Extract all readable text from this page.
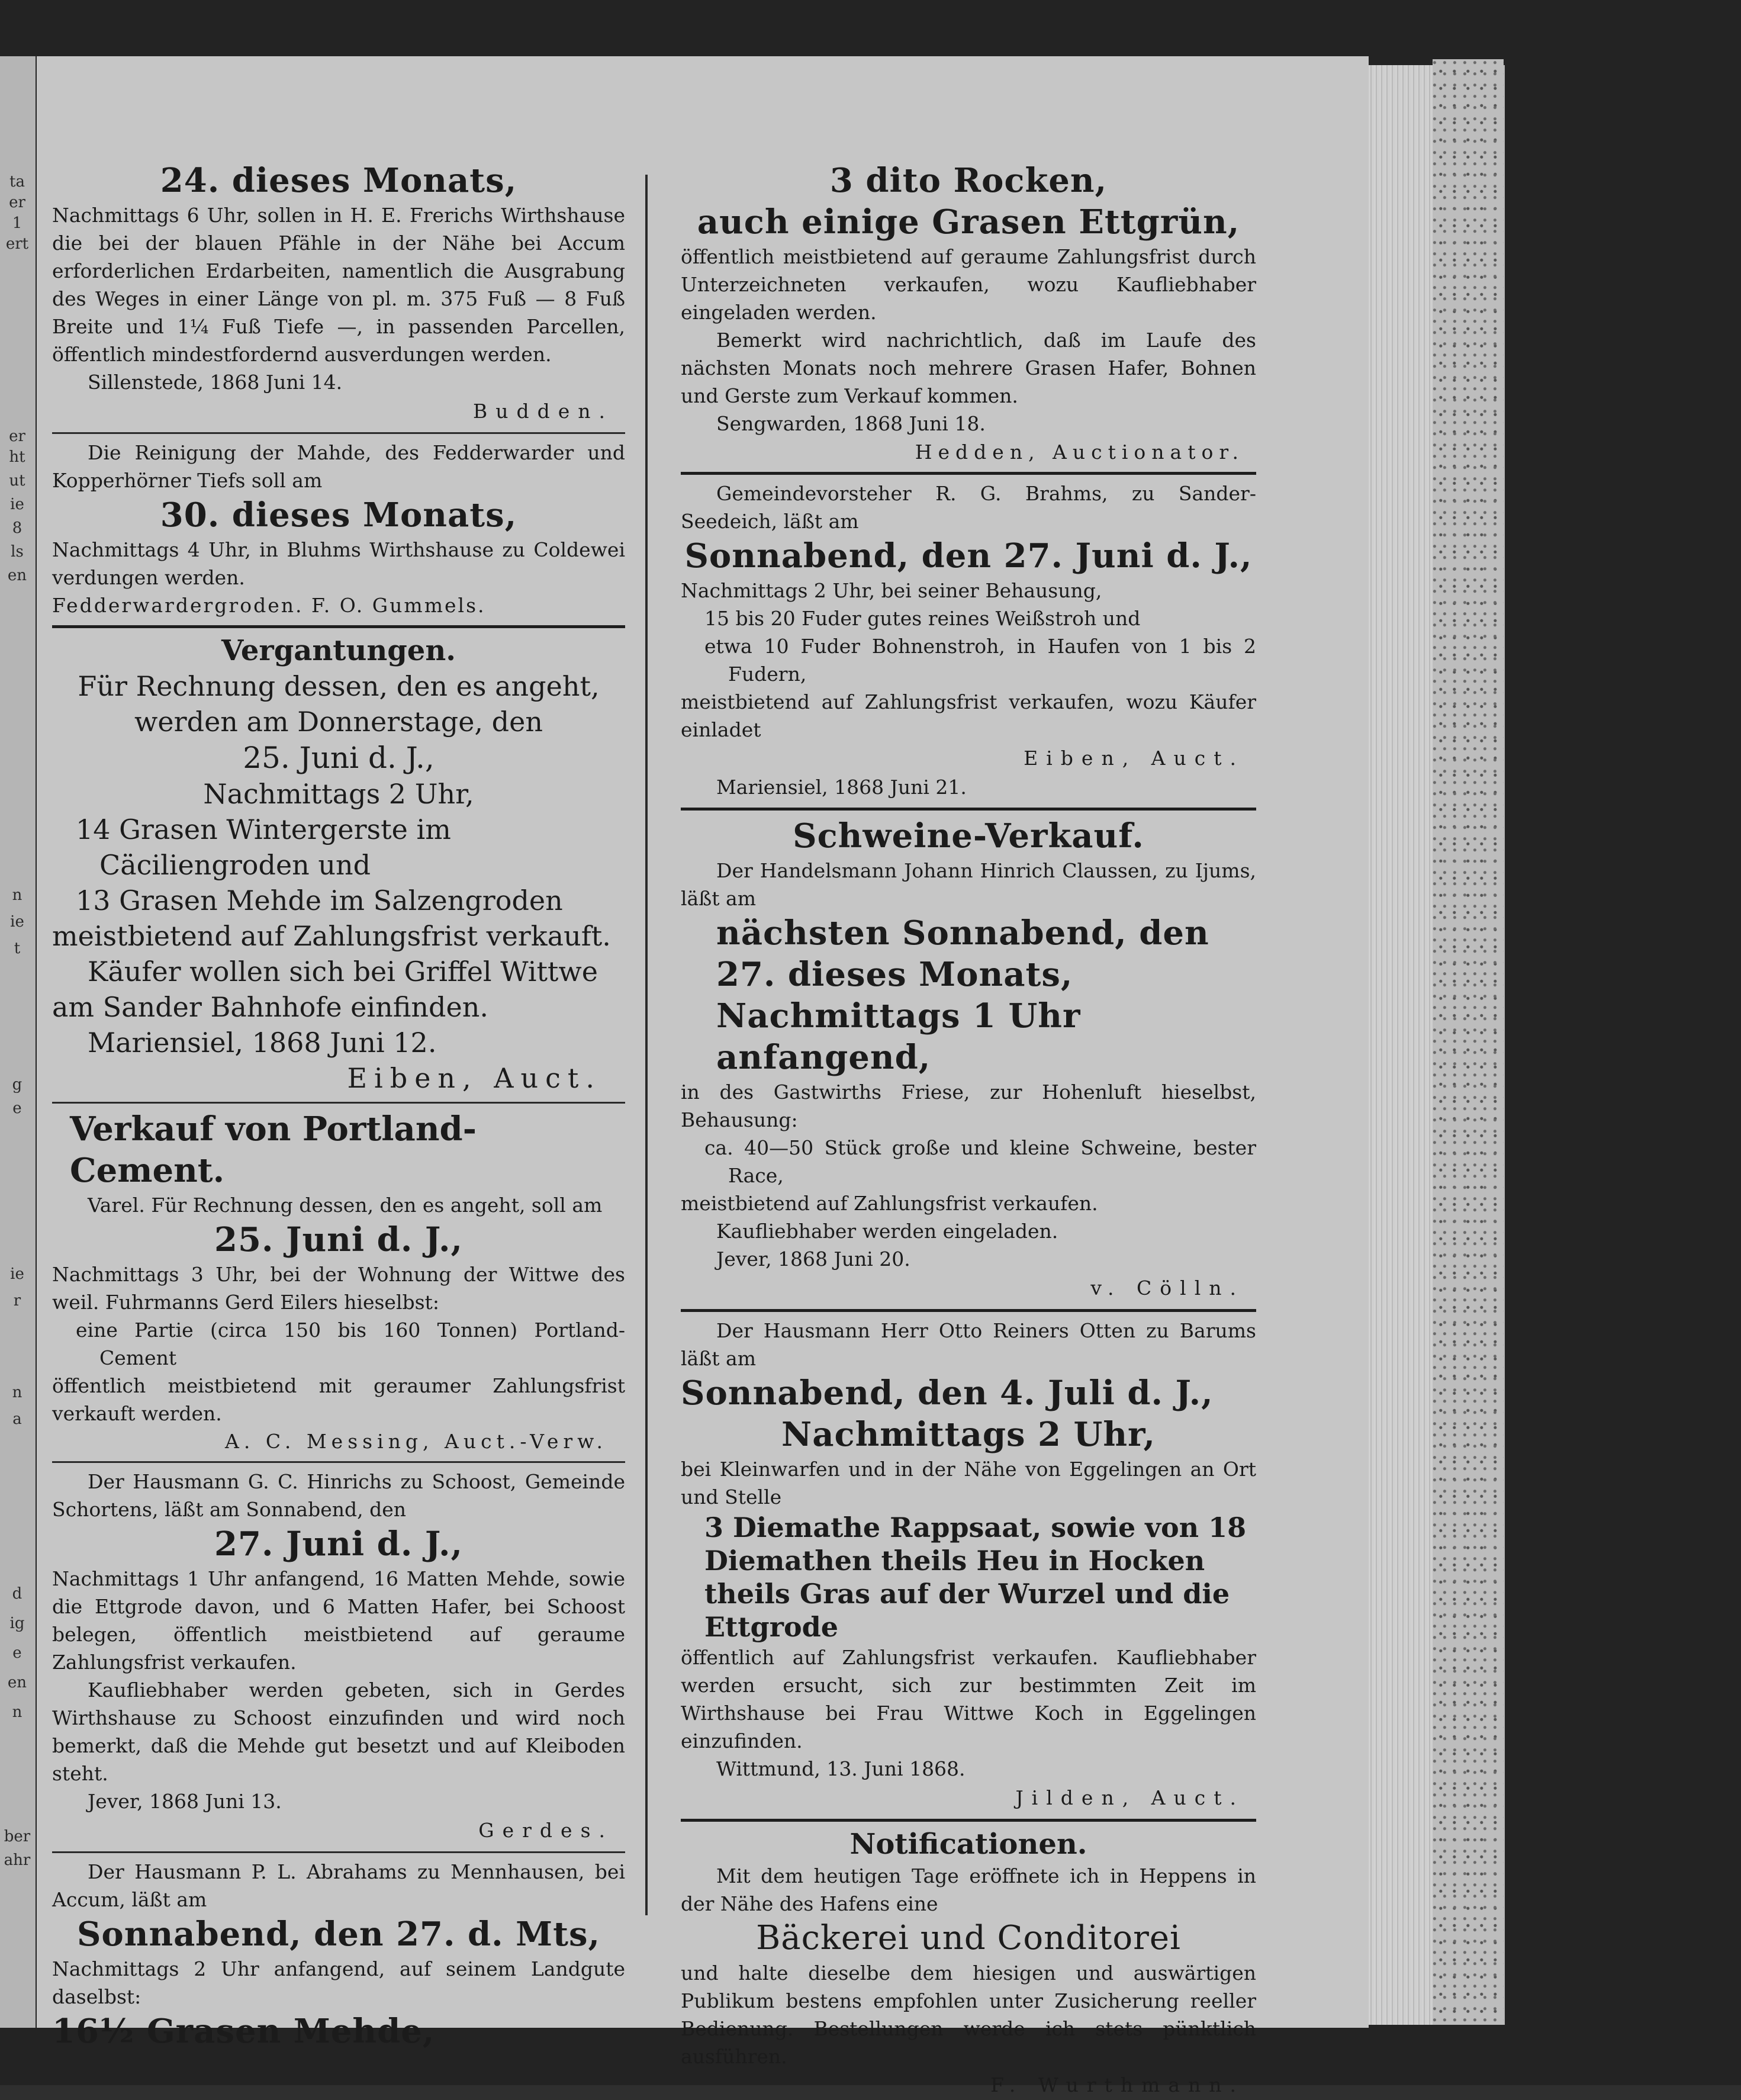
ta
er
1
ert
er
ht
ut
ie
8
ls
en
n
ie
t
g
e
ie
r
n
a
d
ig
e
en
n
ber
ahr
24. dieses Monats,

Nachmittags 6 Uhr, sollen in H. E. Frerichs Wirthshause die bei der blauen Pfähle in der Nähe bei Accum erforderlichen Erdarbeiten, namentlich die Ausgrabung des Weges in einer Länge von pl. m. 375 Fuß — 8 Fuß Breite und 1¼ Fuß Tiefe —, in passenden Parcellen, öffentlich mindestfordernd ausverdungen werden.

Sillenstede, 1868 Juni 14.

Budden.

Die Reinigung der Mahde, des Fedderwarder und Kopperhörner Tiefs soll am

30. dieses Monats,

Nachmittags 4 Uhr, in Bluhms Wirthshause zu Coldewei verdungen werden.

Fedderwardergroden. F. O. Gummels.

Vergantungen.

Für Rechnung dessen, den es angeht, werden am Donnerstage, den

25. Juni d. J.,

Nachmittags 2 Uhr,

14 Grasen Wintergerste im Cäciliengroden und

13 Grasen Mehde im Salzengroden

meistbietend auf Zahlungsfrist verkauft.

Käufer wollen sich bei Griffel Wittwe am Sander Bahnhofe einfinden.

Mariensiel, 1868 Juni 12.

Eiben, Auct.

Verkauf von Portland-Cement.

Varel. Für Rechnung dessen, den es angeht, soll am

25. Juni d. J.,

Nachmittags 3 Uhr, bei der Wohnung der Wittwe des weil. Fuhrmanns Gerd Eilers hieselbst:

eine Partie (circa 150 bis 160 Tonnen) Portland-Cement

öffentlich meistbietend mit geraumer Zahlungsfrist verkauft werden.

A. C. Messing, Auct.-Verw.

Der Hausmann G. C. Hinrichs zu Schoost, Gemeinde Schortens, läßt am Sonnabend, den

27. Juni d. J.,

Nachmittags 1 Uhr anfangend, 16 Matten Mehde, sowie die Ettgrode davon, und 6 Matten Hafer, bei Schoost belegen, öffentlich meistbietend auf geraume Zahlungsfrist verkaufen.

Kaufliebhaber werden gebeten, sich in Gerdes Wirthshause zu Schoost einzufinden und wird noch bemerkt, daß die Mehde gut besetzt und auf Kleiboden steht.

Jever, 1868 Juni 13.

Gerdes.

Der Hausmann P. L. Abrahams zu Mennhausen, bei Accum, läßt am

Sonnabend, den 27. d. Mts,

Nachmittags 2 Uhr anfangend, auf seinem Landgute daselbst:

16½ Grasen Mehde,
3 dito Rocken,
auch einige Grasen Ettgrün,

öffentlich meistbietend auf geraume Zahlungsfrist durch Unterzeichneten verkaufen, wozu Kaufliebhaber eingeladen werden.

Bemerkt wird nachrichtlich, daß im Laufe des nächsten Monats noch mehrere Grasen Hafer, Bohnen und Gerste zum Verkauf kommen.

Sengwarden, 1868 Juni 18.

Hedden, Auctionator.

Gemeindevorsteher R. G. Brahms, zu Sander-Seedeich, läßt am

Sonnabend, den 27. Juni d. J.,

Nachmittags 2 Uhr, bei seiner Behausung,

15 bis 20 Fuder gutes reines Weißstroh und

etwa 10 Fuder Bohnenstroh, in Haufen von 1 bis 2 Fudern,

meistbietend auf Zahlungsfrist verkaufen, wozu Käufer einladet

Eiben, Auct.

Mariensiel, 1868 Juni 21.

Schweine-Verkauf.

Der Handelsmann Johann Hinrich Claussen, zu Ijums, läßt am

nächsten Sonnabend, den 27. dieses Monats, Nachmittags 1 Uhr anfangend,

in des Gastwirths Friese, zur Hohenluft hieselbst, Behausung:

ca. 40—50 Stück große und kleine Schweine, bester Race,

meistbietend auf Zahlungsfrist verkaufen.

Kaufliebhaber werden eingeladen.

Jever, 1868 Juni 20.

v. Cölln.

Der Hausmann Herr Otto Reiners Otten zu Barums läßt am

Sonnabend, den 4. Juli d. J.,
Nachmittags 2 Uhr,

bei Kleinwarfen und in der Nähe von Eggelingen an Ort und Stelle

3 Diemathe Rappsaat, sowie von 18 Diemathen theils Heu in Hocken theils Gras auf der Wurzel und die Ettgrode

öffentlich auf Zahlungsfrist verkaufen. Kaufliebhaber werden ersucht, sich zur bestimmten Zeit im Wirthshause bei Frau Wittwe Koch in Eggelingen einzufinden.

Wittmund, 13. Juni 1868.

Jilden, Auct.

Notificationen.

Mit dem heutigen Tage eröffnete ich in Heppens in der Nähe des Hafens eine

Bäckerei und Conditorei

und halte dieselbe dem hiesigen und auswärtigen Publikum bestens empfohlen unter Zusicherung reeller Bedienung. Bestellungen werde ich stets pünktlich ausführen.

F. Wurthmann.
